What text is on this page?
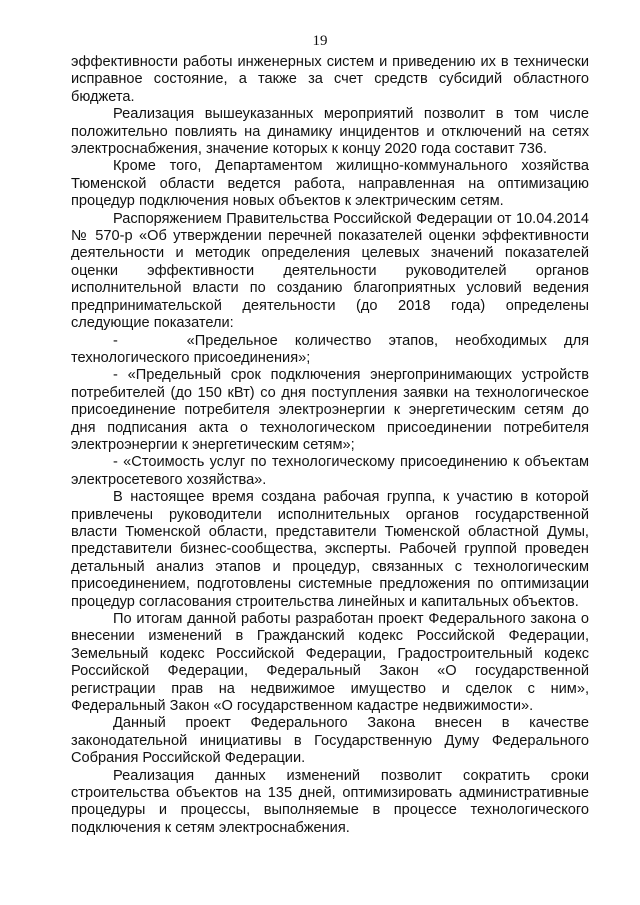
19

эффективности работы инженерных систем и приведению их в технически исправное состояние, а также за счет средств субсидий областного бюджета.

Реализация вышеуказанных мероприятий позволит в том числе положительно повлиять на динамику инцидентов и отключений на сетях электроснабжения, значение которых к концу 2020 года составит 736.

Кроме того, Департаментом жилищно-коммунального хозяйства Тюменской области ведется работа, направленная на оптимизацию процедур подключения новых объектов к электрическим сетям.

Распоряжением Правительства Российской Федерации от 10.04.2014 № 570-р «Об утверждении перечней показателей оценки эффективности деятельности и методик определения целевых значений показателей оценки эффективности деятельности руководителей органов исполнительной власти по созданию благоприятных условий ведения предпринимательской деятельности (до 2018 года) определены следующие показатели:

-    «Предельное количество этапов, необходимых для технологического присоединения»;

- «Предельный срок подключения энергопринимающих устройств потребителей (до 150 кВт) со дня поступления заявки на технологическое присоединение потребителя электроэнергии к энергетическим сетям до дня подписания акта о технологическом присоединении потребителя электроэнергии к энергетическим сетям»;

- «Стоимость услуг по технологическому присоединению к объектам электросетевого хозяйства».

В настоящее время создана рабочая группа, к участию в которой привлечены руководители исполнительных органов государственной власти Тюменской области, представители Тюменской областной Думы, представители бизнес-сообщества, эксперты. Рабочей группой проведен детальный анализ этапов и процедур, связанных с технологическим присоединением, подготовлены системные предложения по оптимизации процедур согласования строительства линейных и капитальных объектов.

По итогам данной работы разработан проект Федерального закона о внесении изменений в Гражданский кодекс Российской Федерации, Земельный кодекс Российской Федерации, Градостроительный кодекс Российской Федерации, Федеральный Закон «О государственной регистрации прав на недвижимое имущество и сделок с ним», Федеральный Закон «О государственном кадастре недвижимости».

Данный проект Федерального Закона внесен в качестве законодательной инициативы в Государственную Думу Федерального Собрания Российской Федерации.

Реализация данных изменений позволит сократить сроки строительства объектов на 135 дней, оптимизировать административные процедуры и процессы, выполняемые в процессе технологического подключения к сетям электроснабжения.
